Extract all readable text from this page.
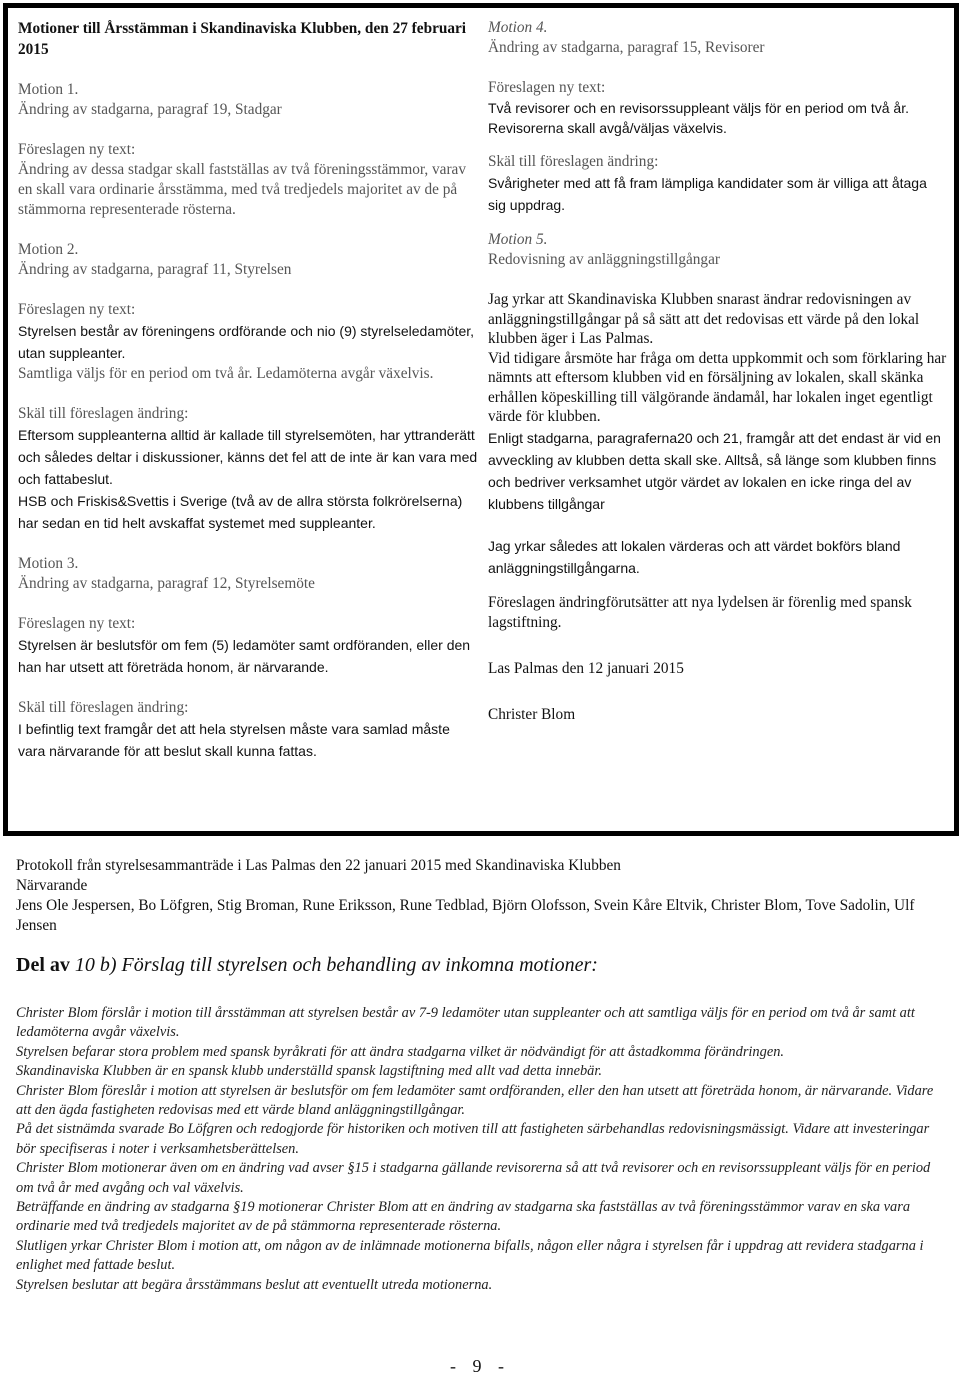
Motioner till Årsstämman i Skandinaviska Klubben, den 27 februari 2015

Motion 1.

Ändring av stadgarna, paragraf 19, Stadgar

Föreslagen ny text:

Ändring av dessa stadgar skall fastställas av två föreningsstämmor, varav en skall vara ordinarie årsstämma, med två tredjedels majoritet av de på stämmorna representerade rösterna.

Motion 2.

Ändring av stadgarna, paragraf 11, Styrelsen

Föreslagen ny text:

Styrelsen består av föreningens ordförande och nio (9) styrelseledamöter, utan suppleanter.

Samtliga väljs för en period om två år. Ledamöterna avgår växelvis.

Skäl till föreslagen ändring:

Eftersom suppleanterna alltid är kallade till styrelsemöten, har yttranderätt och således deltar i diskussioner, känns det fel att de inte är kan vara med och fattabeslut.

HSB och Friskis&Svettis i Sverige (två av de allra största folkrörelserna) har sedan en tid helt avskaffat systemet med suppleanter.

Motion 3.

Ändring av stadgarna, paragraf 12, Styrelsemöte

Föreslagen ny text:

Styrelsen är beslutsför om fem (5) ledamöter samt ordföranden, eller den han har utsett att företräda honom, är närvarande.

Skäl till föreslagen ändring:

I befintlig text framgår det att hela styrelsen måste vara samlad måste vara närvarande för att beslut skall kunna fattas.

Motion 4.

Ändring av stadgarna, paragraf 15, Revisorer

Föreslagen ny text:

Två revisorer och en revisorssuppleant väljs för en period om två år.

Revisorerna skall avgå/väljas växelvis.

Skäl till föreslagen ändring:

Svårigheter med att få fram lämpliga kandidater som är villiga att åtaga sig uppdrag.

Motion 5.

Redovisning av anläggningstillgångar

Jag yrkar att Skandinaviska Klubben snarast ändrar redovisningen av anläggningstillgångar på så sätt att det redovisas ett värde på den lokal klubben äger i Las Palmas.

Vid tidigare årsmöte har fråga om detta uppkommit och som förklaring har nämnts att eftersom klubben vid en försäljning av lokalen, skall skänka erhållen köpeskilling till välgörande ändamål, har lokalen inget egentligt värde för klubben.

Enligt stadgarna, paragraferna20 och 21, framgår att det endast är vid en avveckling av klubben detta skall ske. Alltså, så länge som klubben finns och bedriver verksamhet utgör värdet av lokalen en icke ringa del av klubbens tillgångar

Jag yrkar således att lokalen värderas och att värdet bokförs bland anläggningstillgångarna.

Föreslagen ändringförutsätter att nya lydelsen är förenlig med spansk lagstiftning.

Las Palmas den 12 januari 2015

Christer Blom

Protokoll från styrelsesammanträde i Las Palmas den 22 januari 2015 med Skandinaviska Klubben

Närvarande

Jens Ole Jespersen, Bo Löfgren, Stig Broman, Rune Eriksson, Rune Tedblad, Björn Olofsson, Svein Kåre Eltvik, Christer Blom, Tove Sadolin, Ulf Jensen

Del av 10 b) Förslag till styrelsen och behandling av inkomna motioner:

Christer Blom förslår i motion till årsstämman att styrelsen består av 7-9 ledamöter utan suppleanter och att samtliga väljs för en period om två år samt att ledamöterna avgår växelvis.

Styrelsen befarar stora problem med spansk byråkrati för att ändra stadgarna vilket är nödvändigt för att åstadkomma förändringen.

Skandinaviska Klubben är en spansk klubb underställd spansk lagstiftning med allt vad detta innebär.

Christer Blom föreslår i motion att styrelsen är beslutsför om fem ledamöter samt ordföranden, eller den han utsett att företräda honom, är närvarande. Vidare att den ägda fastigheten redovisas med ett värde bland anläggningstillgångar.

På det sistnämda svarade Bo Löfgren och redogjorde för historiken och motiven till att fastigheten särbehandlas redovisningsmässigt. Vidare att investeringar bör specifiseras i noter i verksamhetsberättelsen.

Christer Blom motionerar även om en ändring vad avser §15 i stadgarna gällande revisorerna så att två revisorer och en revisorssuppleant väljs för en period om två år med avgång och val växelvis.

Beträffande en ändring av stadgarna §19 motionerar Christer Blom att en ändring av stadgarna ska fastställas av två föreningsstämmor varav en ska vara ordinarie med två tredjedels majoritet av de på stämmorna representerade rösterna.

Slutligen yrkar Christer Blom i motion att, om någon av de inlämnade motionerna bifalls, någon eller några i styrelsen får i uppdrag att revidera stadgarna i enlighet med fattade beslut.

Styrelsen beslutar att begära årsstämmans beslut att eventuellt utreda motionerna.

- 9 -
